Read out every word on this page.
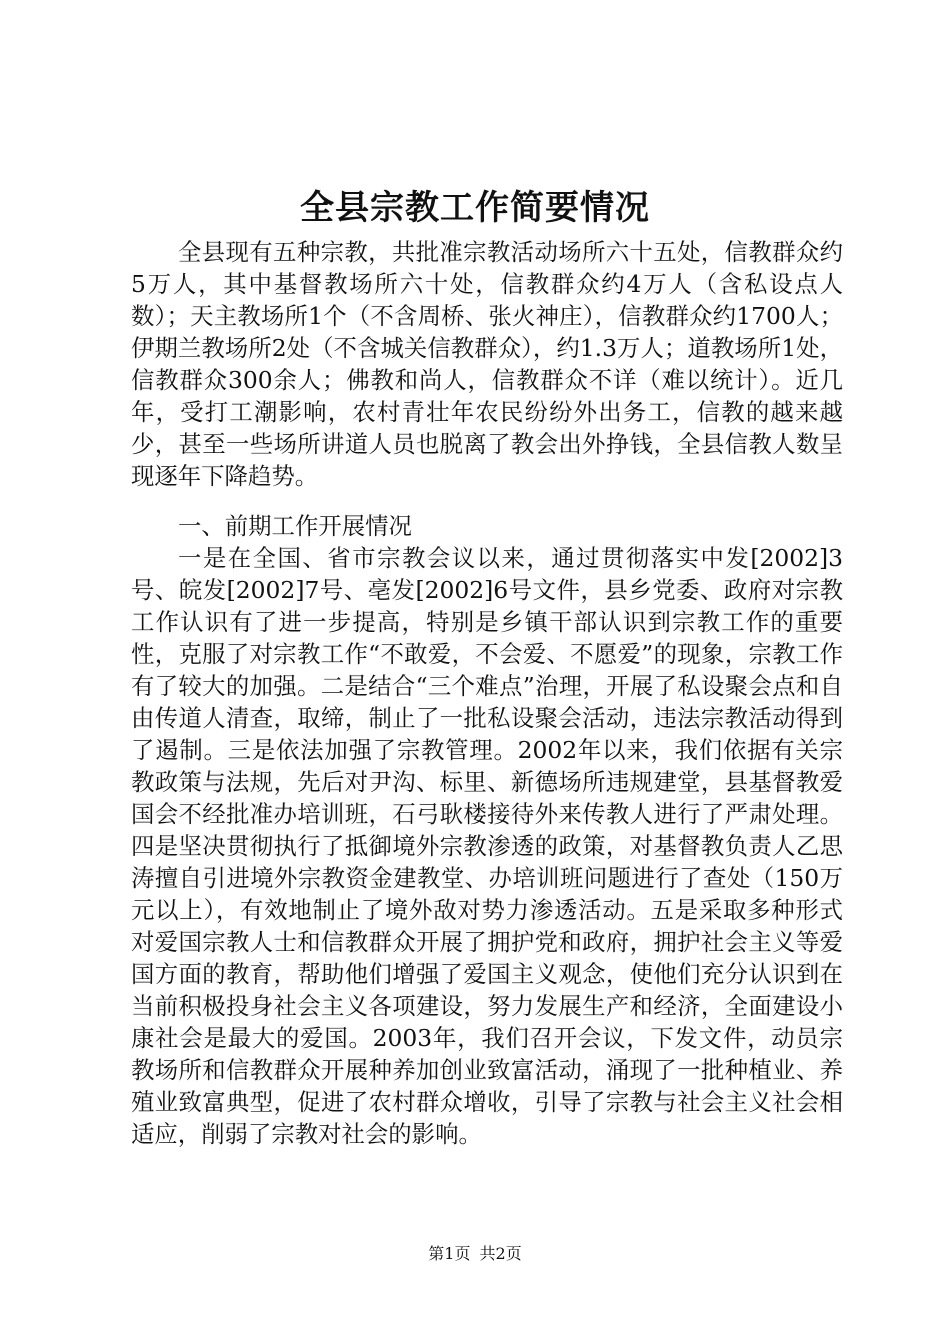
全县宗教工作简要情况

全县现有五种宗教，共批准宗教活动场所六十五处，信教群众约5万人，其中基督教场所六十处，信教群众约4万人（含私设点人数）；天主教场所1个（不含周桥、张火神庄），信教群众约1700人；伊期兰教场所2处（不含城关信教群众），约1.3万人；道教场所1处，信教群众300余人；佛教和尚人，信教群众不详（难以统计）。近几年，受打工潮影响，农村青壮年农民纷纷外出务工，信教的越来越少，甚至一些场所讲道人员也脱离了教会出外挣钱，全县信教人数呈现逐年下降趋势。

一、前期工作开展情况

一是在全国、省市宗教会议以来，通过贯彻落实中发[2002]3号、皖发[2002]7号、亳发[2002]6号文件，县乡党委、政府对宗教工作认识有了进一步提高，特别是乡镇干部认识到宗教工作的重要性，克服了对宗教工作“不敢爱，不会爱、不愿爱”的现象，宗教工作有了较大的加强。二是结合“三个难点”治理，开展了私设聚会点和自由传道人清查，取缔，制止了一批私设聚会活动，违法宗教活动得到了遏制。三是依法加强了宗教管理。2002年以来，我们依据有关宗教政策与法规，先后对尹沟、标里、新德场所违规建堂，县基督教爱国会不经批准办培训班，石弓耿楼接待外来传教人进行了严肃处理。四是坚决贯彻执行了抵御境外宗教渗透的政策，对基督教负责人乙思涛擅自引进境外宗教资金建教堂、办培训班问题进行了查处（150万元以上），有效地制止了境外敌对势力渗透活动。五是采取多种形式对爱国宗教人士和信教群众开展了拥护党和政府，拥护社会主义等爱国方面的教育，帮助他们增强了爱国主义观念，使他们充分认识到在当前积极投身社会主义各项建设，努力发展生产和经济，全面建设小康社会是最大的爱国。2003年，我们召开会议，下发文件，动员宗教场所和信教群众开展种养加创业致富活动，涌现了一批种植业、养殖业致富典型，促进了农村群众增收，引导了宗教与社会主义社会相适应，削弱了宗教对社会的影响。

第1页 共2页
